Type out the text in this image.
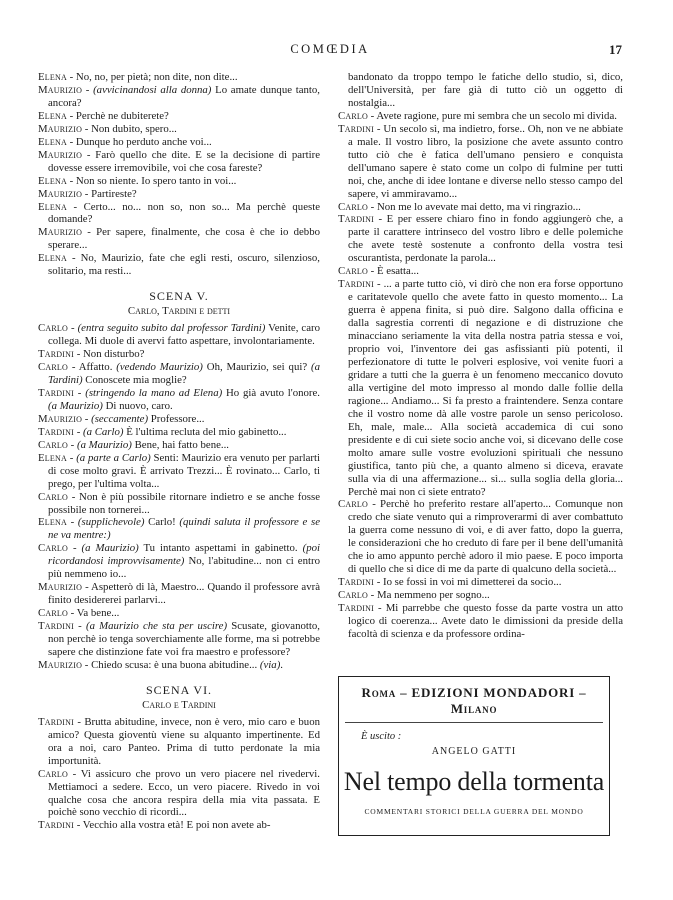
COMŒDIA	17

Elena - No, no, per pietà; non dite, non dite...

Maurizio - (avvicinandosi alla donna) Lo amate dunque tanto, ancora?

Elena - Perchè ne dubiterete?

Maurizio - Non dubito, spero...

Elena - Dunque ho perduto anche voi...

Maurizio - Farò quello che dite. E se la decisione di partire dovesse essere irremovibile, voi che cosa fareste?

Elena - Non so niente. Io spero tanto in voi...

Maurizio - Partireste?

Elena - Certo... no... non so, non so... Ma perchè queste domande?

Maurizio - Per sapere, finalmente, che cosa è che io debbo sperare...

Elena - No, Maurizio, fate che egli resti, oscuro, silenzioso, solitario, ma resti...

SCENA V.
Carlo, Tardini e detti

Carlo - (entra seguito subito dal professor Tardini) Venite, caro collega. Mi duole di avervi fatto aspettare, involontariamente.

Tardini - Non disturbo?

Carlo - Affatto. (vedendo Maurizio) Oh, Maurizio, sei qui? (a Tardini) Conoscete mia moglie?

Tardini - (stringendo la mano ad Elena) Ho già avuto l'onore. (a Maurizio) Di nuovo, caro.

Maurizio - (seccamente) Professore...

Tardini - (a Carlo) È l'ultima recluta del mio gabinetto...

Carlo - (a Maurizio) Bene, hai fatto bene...

Elena - (a parte a Carlo) Senti: Maurizio era venuto per parlarti di cose molto gravi. È arrivato Trezzi... È rovinato... Carlo, ti prego, per l'ultima volta...

Carlo - Non è più possibile ritornare indietro e se anche fosse possibile non tornerei...

Elena - (supplichevole) Carlo! (quindi saluta il professore e se ne va mentre:)

Carlo - (a Maurizio) Tu intanto aspettami in gabinetto. (poi ricordandosi improvvisamente) No, l'abitudine... non ci entro più nemmeno io...

Maurizio - Aspetterò di là, Maestro... Quando il professore avrà finito desidererei parlarvi...

Carlo - Va bene...

Tardini - (a Maurizio che sta per uscire) Scusate, giovanotto, non perchè io tenga soverchiamente alle forme, ma si potrebbe sapere che distinzione fate voi fra maestro e professore?

Maurizio - Chiedo scusa: è una buona abitudine... (via).

SCENA VI.
Carlo e Tardini

Tardini - Brutta abitudine, invece, non è vero, mio caro e buon amico? Questa gioventù viene su alquanto impertinente. Ed ora a noi, caro Panteo. Prima di tutto perdonate la mia importunità.

Carlo - Vi assicuro che provo un vero piacere nel rivedervi. Mettiamoci a sedere. Ecco, un vero piacere. Rivedo in voi qualche cosa che ancora respira della mia vita passata. E poichè sono vecchio di ricordi...

Tardini - Vecchio alla vostra età! E poi non avete ab-

bandonato da troppo tempo le fatiche dello studio, sì, dico, dell'Università, per fare già di tutto ciò un oggetto di nostalgia...

Carlo - Avete ragione, pure mi sembra che un secolo mi divida.

Tardini - Un secolo sì, ma indietro, forse.. Oh, non ve ne abbiate a male. Il vostro libro, la posizione che avete assunto contro tutto ciò che è fatica dell'umano pensiero e conquista dell'umano sapere è stato come un colpo di fulmine per tutti noi, che, anche di idee lontane e diverse nello stesso campo del sapere, vi ammiravamo...

Carlo - Non me lo avevate mai detto, ma vi ringrazio...

Tardini - E per essere chiaro fino in fondo aggiungerò che, a parte il carattere intrinseco del vostro libro e delle polemiche che avete testè sostenute a confronto della vostra tesi oscurantista, perdonate la parola...

Carlo - È esatta...

Tardini - ... a parte tutto ciò, vi dirò che non era forse opportuno e caritatevole quello che avete fatto in questo momento... La guerra è appena finita, si può dire. Salgono dalla officina e dalla sagrestia correnti di negazione e di distruzione che minacciano seriamente la vita della nostra patria stessa e voi, proprio voi, l'inventore dei gas asfissianti più potenti, il perfezionatore di tutte le polveri esplosive, voi venite fuori a gridare a tutti che la guerra è un fenomeno meccanico dovuto alla vertigine del moto impresso al mondo dalle follie della ragione... Andiamo... Si fa presto a fraintendere. Senza contare che il vostro nome dà alle vostre parole un senso pericoloso. Eh, male, male... Alla società accademica di cui sono presidente e di cui siete socio anche voi, si dicevano delle cose molto amare sulle vostre evoluzioni spirituali che nessuno giustifica, tanto più che, a quanto almeno si diceva, eravate sulla via di una affermazione... sì... sulla soglia della gloria... Perchè mai non ci siete entrato?

Carlo - Perchè ho preferito restare all'aperto... Comunque non credo che siate venuto qui a rimproverarmi di aver combattuto la guerra come nessuno di voi, e di aver fatto, dopo la guerra, le considerazioni che ho creduto di fare per il bene dell'umanità che io amo appunto perchè adoro il mio paese. E poco importa di quello che si dice di me da parte di qualcuno della società...

Tardini - Io se fossi in voi mi dimetterei da socio...

Carlo - Ma nemmeno per sogno...

Tardini - Mi parrebbe che questo fosse da parte vostra un atto logico di coerenza... Avete dato le dimissioni da preside della facoltà di scienza e da professore ordina-

Roma – EDIZIONI MONDADORI – Milano
È uscito :
ANGELO GATTI
Nel tempo della tormenta
COMMENTARI STORICI DELLA GUERRA DEL MONDO
